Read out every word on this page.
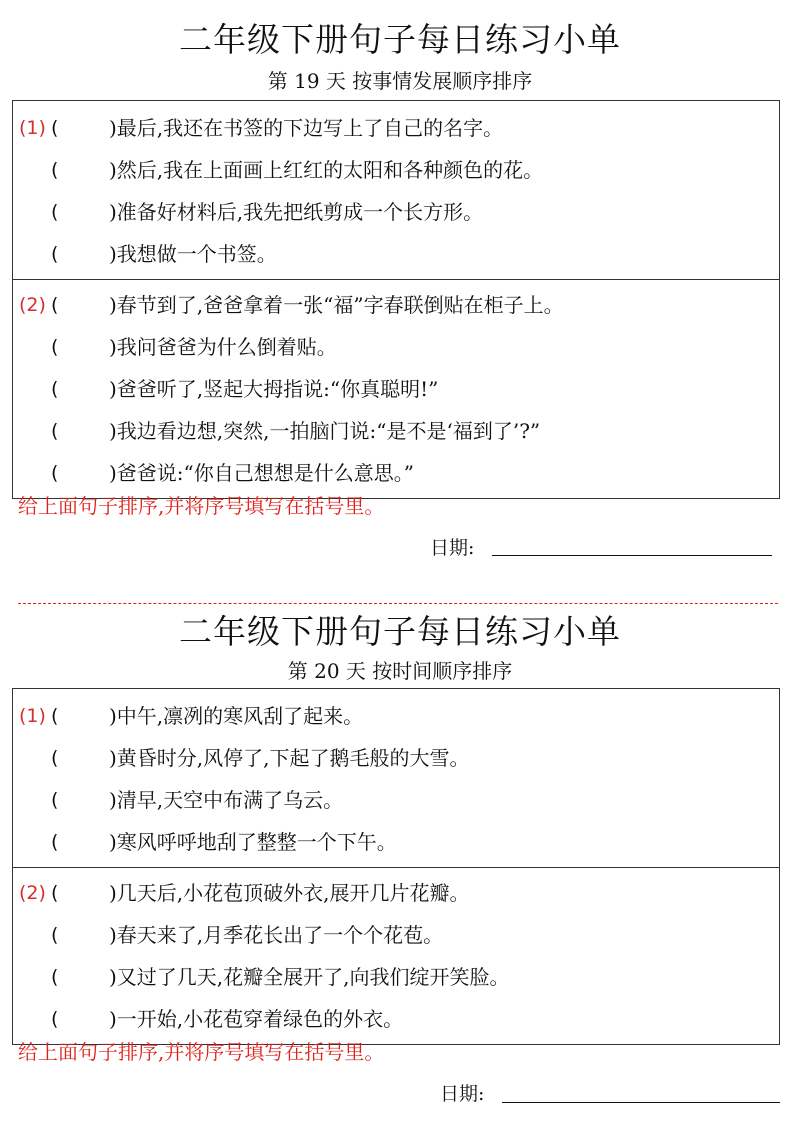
二年级下册句子每日练习小单
第 19 天 按事情发展顺序排序
(1) (	)最后,我还在书签的下边写上了自己的名字。
(	)然后,我在上面画上红红的太阳和各种颜色的花。
(	)准备好材料后,我先把纸剪成一个长方形。
(	)我想做一个书签。
(2) (	)春节到了,爸爸拿着一张“福”字春联倒贴在柜子上。
(	)我问爸爸为什么倒着贴。
(	)爸爸听了,竖起大拇指说:“你真聪明!”
(	)我边看边想,突然,一拍脑门说:“是不是‘福到了’?”
(	)爸爸说:“你自己想想是什么意思。”
给上面句子排序,并将序号填写在括号里。
日期:
二年级下册句子每日练习小单
第 20 天 按时间顺序排序
(1) (	)中午,凛冽的寒风刮了起来。
(	)黄昏时分,风停了,下起了鹅毛般的大雪。
(	)清早,天空中布满了乌云。
(	)寒风呼呼地刮了整整一个下午。
(2) (	)几天后,小花苞顶破外衣,展开几片花瓣。
(	)春天来了,月季花长出了一个个花苞。
(	)又过了几天,花瓣全展开了,向我们绽开笑脸。
(	)一开始,小花苞穿着绿色的外衣。
给上面句子排序,并将序号填写在括号里。
日期:
